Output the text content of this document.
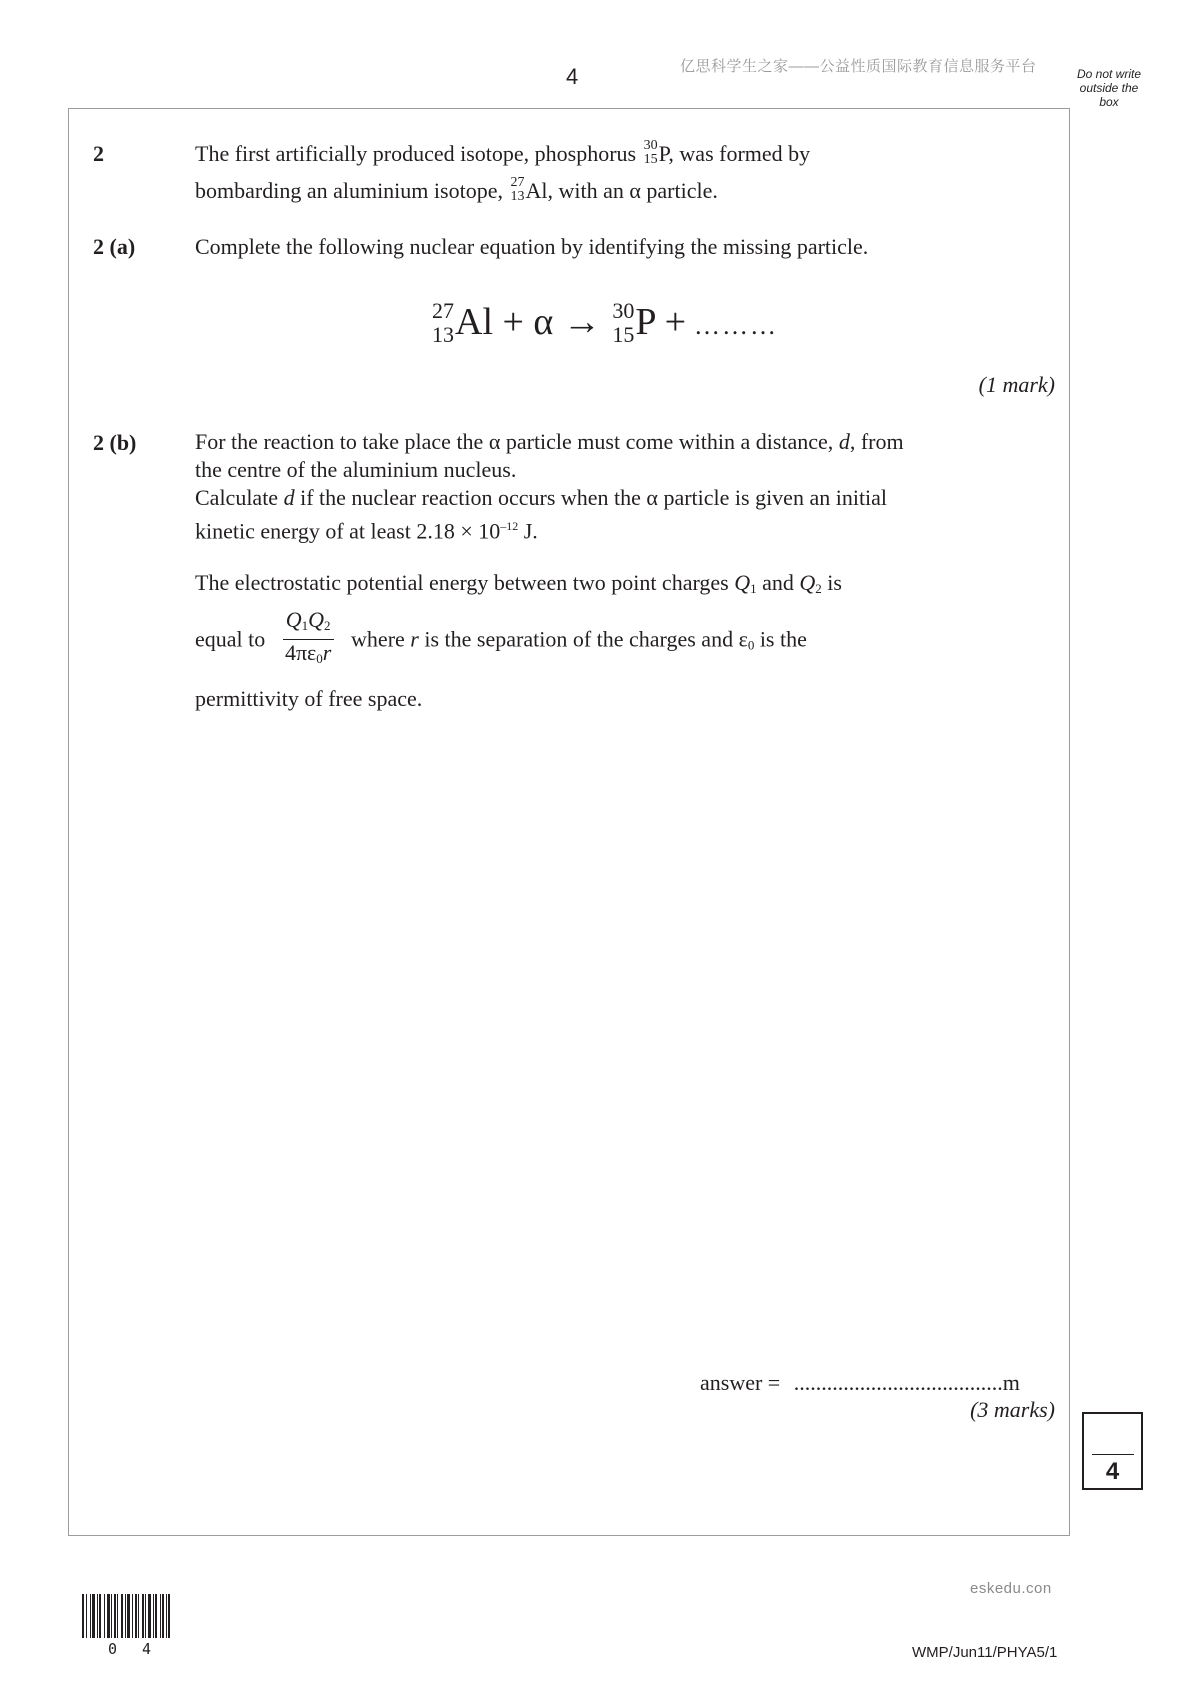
4	亿思科学生之家——公益性质国际教育信息服务平台	Do not write
outside the
box
2	The first artificially produced isotope, phosphorus 30
15 P, was formed by
bombarding an aluminium isotope, 27
13 Al, with an α particle.
2 (a)	Complete the following nuclear equation by identifying the missing particle.
27
13 Al + α → 30
15 P + ………
(1 mark)
2 (b)	For the reaction to take place the α particle must come within a distance, d, from
the centre of the aluminium nucleus.
Calculate d if the nuclear reaction occurs when the α particle is given an initial
kinetic energy of at least $2.18 \times 10^{-12}$ J.
The electrostatic potential energy between two point charges Q1 and Q2 is
equal to $\frac{Q1Q2}{4\pi\varepsilon 0r}$ where r is the separation of the charges and ε0 is the
permittivity of free space.
answer = ......................................m
(3 marks)
4
0 4
eskedu.con
WMP/Jun11/PHYA5/1
